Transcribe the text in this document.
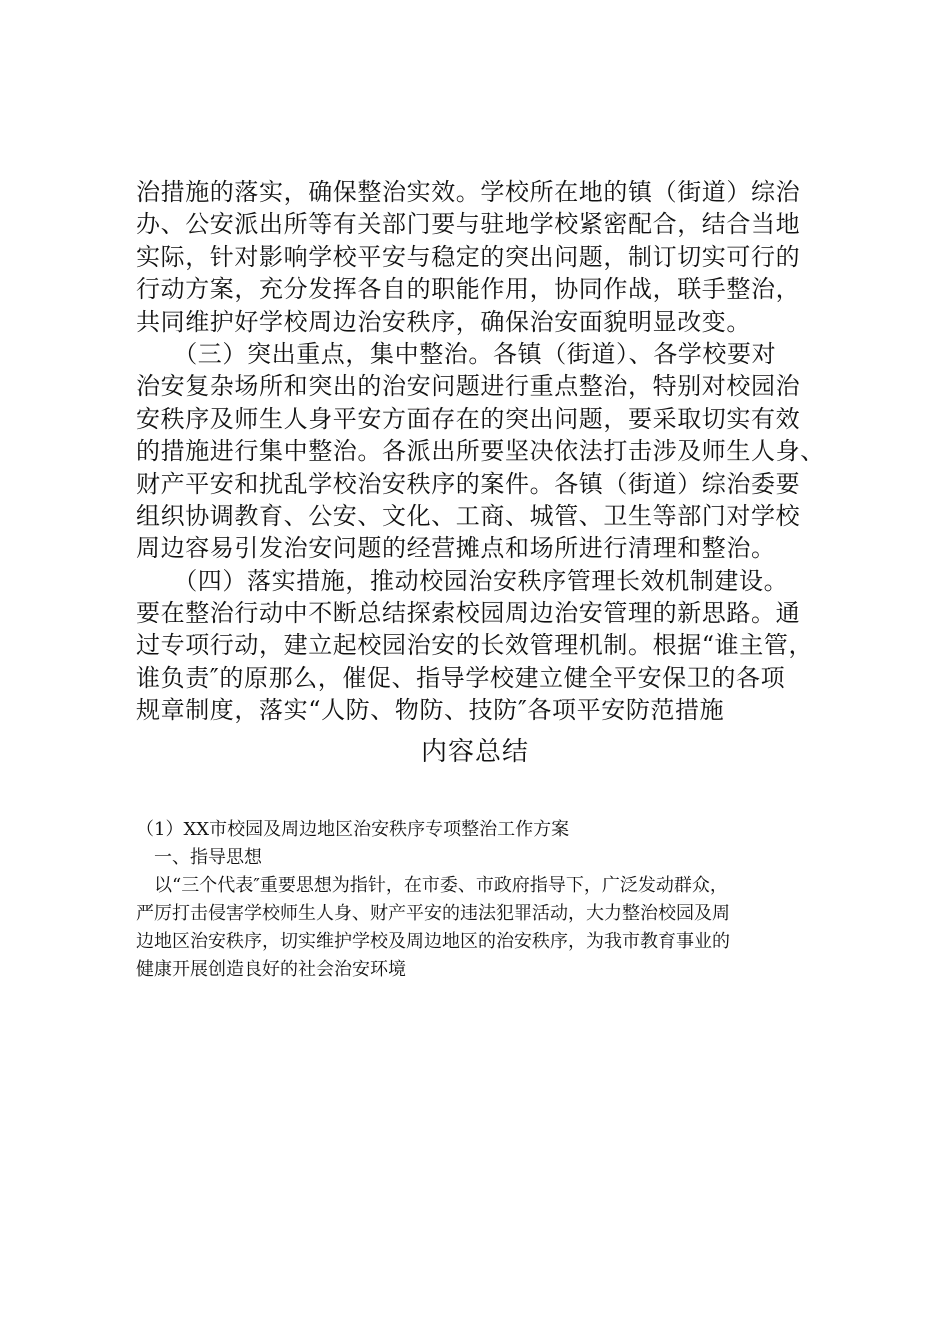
治措施的落实，确保整治实效。学校所在地的镇（街道）综治
办、公安派出所等有关部门要与驻地学校紧密配合，结合当地
实际，针对影响学校平安与稳定的突出问题，制订切实可行的
行动方案，充分发挥各自的职能作用，协同作战，联手整治，
共同维护好学校周边治安秩序，确保治安面貌明显改变。
　　（三）突出重点，集中整治。各镇（街道）、各学校要对
治安复杂场所和突出的治安问题进行重点整治，特别对校园治
安秩序及师生人身平安方面存在的突出问题，要采取切实有效
的措施进行集中整治。各派出所要坚决依法打击涉及师生人身、
财产平安和扰乱学校治安秩序的案件。各镇（街道）综治委要
组织协调教育、公安、文化、工商、城管、卫生等部门对学校
周边容易引发治安问题的经营摊点和场所进行清理和整治。
　　（四）落实措施，推动校园治安秩序管理长效机制建设。
要在整治行动中不断总结探索校园周边治安管理的新思路。通
过专项行动，建立起校园治安的长效管理机制。根据“谁主管，
谁负责″的原那么，催促、指导学校建立健全平安保卫的各项
规章制度，落实“人防、物防、技防″各项平安防范措施
内容总结
（1）XX市校园及周边地区治安秩序专项整治工作方案
　一、指导思想
　以“三个代表″重要思想为指针，在市委、市政府指导下，广泛发动群众，
严厉打击侵害学校师生人身、财产平安的违法犯罪活动，大力整治校园及周
边地区治安秩序，切实维护学校及周边地区的治安秩序，为我市教育事业的
健康开展创造良好的社会治安环境
